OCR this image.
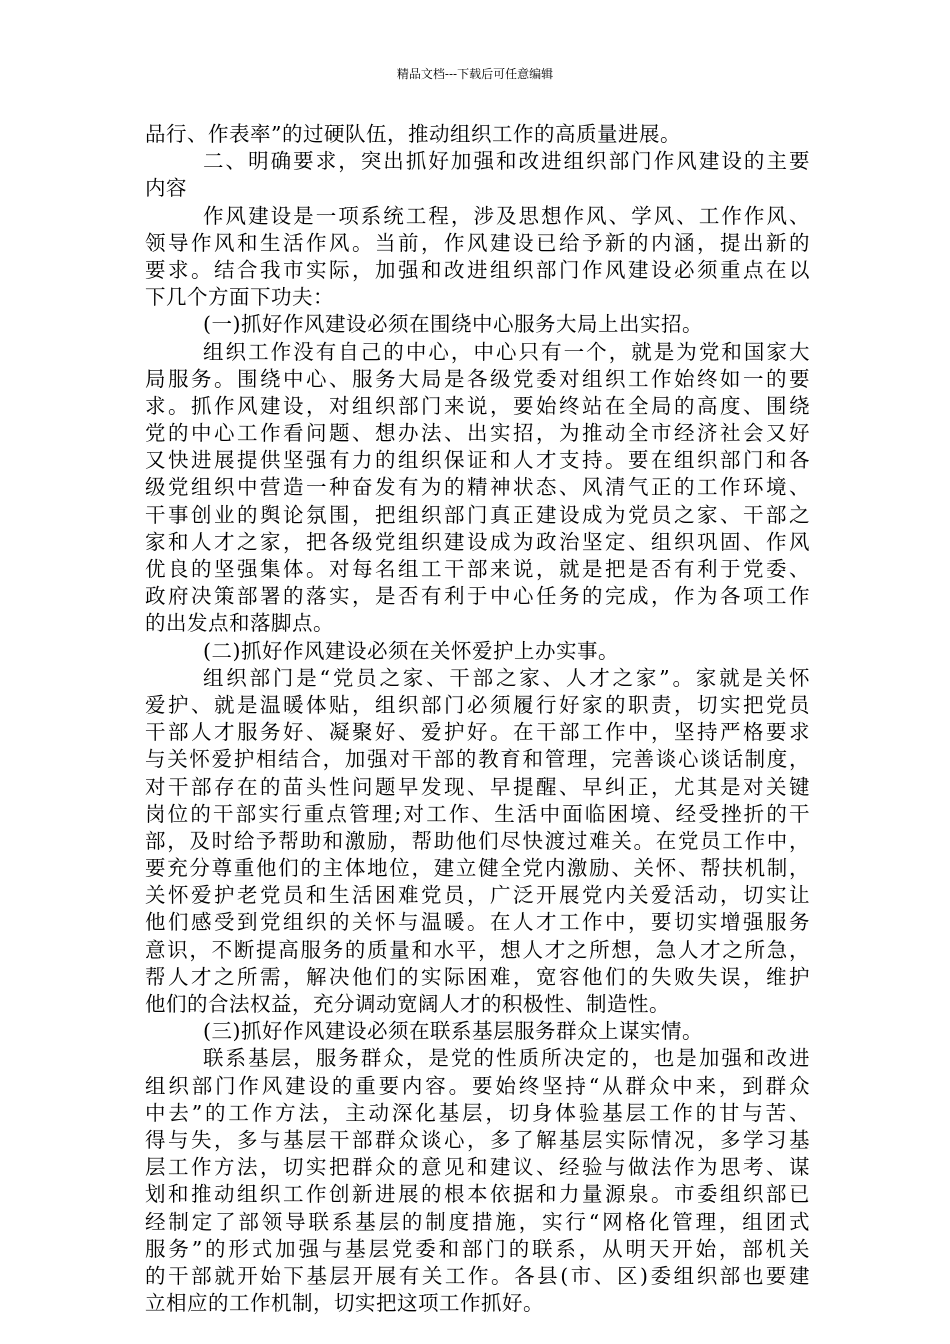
精品文档---下载后可任意编辑
品行、作表率”的过硬队伍，推动组织工作的高质量进展。
二、明确要求，突出抓好加强和改进组织部门作风建设的主要
内容
作风建设是一项系统工程，涉及思想作风、学风、工作作风、
领导作风和生活作风。当前，作风建设已给予新的内涵，提出新的
要求。结合我市实际，加强和改进组织部门作风建设必须重点在以
下几个方面下功夫：
(一)抓好作风建设必须在围绕中心服务大局上出实招。
组织工作没有自己的中心，中心只有一个，就是为党和国家大
局服务。围绕中心、服务大局是各级党委对组织工作始终如一的要
求。抓作风建设，对组织部门来说，要始终站在全局的高度、围绕
党的中心工作看问题、想办法、出实招，为推动全市经济社会又好
又快进展提供坚强有力的组织保证和人才支持。要在组织部门和各
级党组织中营造一种奋发有为的精神状态、风清气正的工作环境、
干事创业的舆论氛围，把组织部门真正建设成为党员之家、干部之
家和人才之家，把各级党组织建设成为政治坚定、组织巩固、作风
优良的坚强集体。对每名组工干部来说，就是把是否有利于党委、
政府决策部署的落实，是否有利于中心任务的完成，作为各项工作
的出发点和落脚点。
(二)抓好作风建设必须在关怀爱护上办实事。
组织部门是“党员之家、干部之家、人才之家”。家就是关怀
爱护、就是温暖体贴，组织部门必须履行好家的职责，切实把党员
干部人才服务好、凝聚好、爱护好。在干部工作中，坚持严格要求
与关怀爱护相结合，加强对干部的教育和管理，完善谈心谈话制度，
对干部存在的苗头性问题早发现、早提醒、早纠正，尤其是对关键
岗位的干部实行重点管理;对工作、生活中面临困境、经受挫折的干
部，及时给予帮助和激励，帮助他们尽快渡过难关。在党员工作中，
要充分尊重他们的主体地位，建立健全党内激励、关怀、帮扶机制，
关怀爱护老党员和生活困难党员，广泛开展党内关爱活动，切实让
他们感受到党组织的关怀与温暖。在人才工作中，要切实增强服务
意识，不断提高服务的质量和水平，想人才之所想，急人才之所急，
帮人才之所需，解决他们的实际困难，宽容他们的失败失误，维护
他们的合法权益，充分调动宽阔人才的积极性、制造性。
(三)抓好作风建设必须在联系基层服务群众上谋实情。
联系基层，服务群众，是党的性质所决定的，也是加强和改进
组织部门作风建设的重要内容。要始终坚持“从群众中来，到群众
中去”的工作方法，主动深化基层，切身体验基层工作的甘与苦、
得与失，多与基层干部群众谈心，多了解基层实际情况，多学习基
层工作方法，切实把群众的意见和建议、经验与做法作为思考、谋
划和推动组织工作创新进展的根本依据和力量源泉。市委组织部已
经制定了部领导联系基层的制度措施，实行“网格化管理，组团式
服务”的形式加强与基层党委和部门的联系，从明天开始，部机关
的干部就开始下基层开展有关工作。各县(市、区)委组织部也要建
立相应的工作机制，切实把这项工作抓好。
